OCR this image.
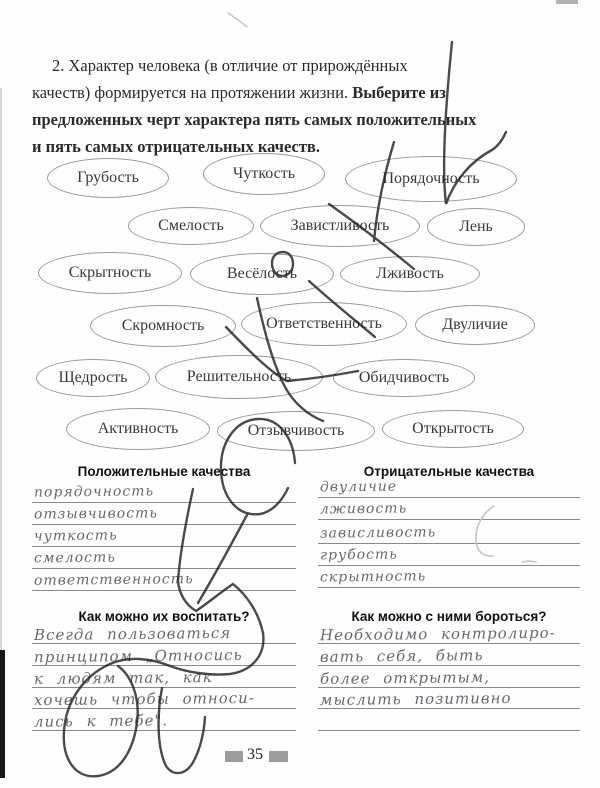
2. Характер человека (в отличие от прирождённых
качеств) формируется на протяжении жизни. Выберите из
предложенных черт характера пять самых положительных
и пять самых отрицательных качеств.
Грубость	Чуткость	Порядочность
Смелость	Завистливость	Лень
Скрытность	Весёлость	Лживость
Скромность	Ответственность	Двуличие
Щедрость	Решительность	Обидчивость
Активность	Отзывчивость	Открытость
Положительные качества
порядочность
отзывчивость
чуткость
смелость
ответственность
Отрицательные качества
двуличие
лживость
зависливость
грубость
скрытность
Как можно их воспитать?
Всегда пользоваться
принципом „Относись
к людям так, как
хочешь чтобы относи-
лись к тебе".
Как можно с ними бороться?
Необходимо контролиро-
вать себя, быть
более открытым,
мыслить позитивно
35
